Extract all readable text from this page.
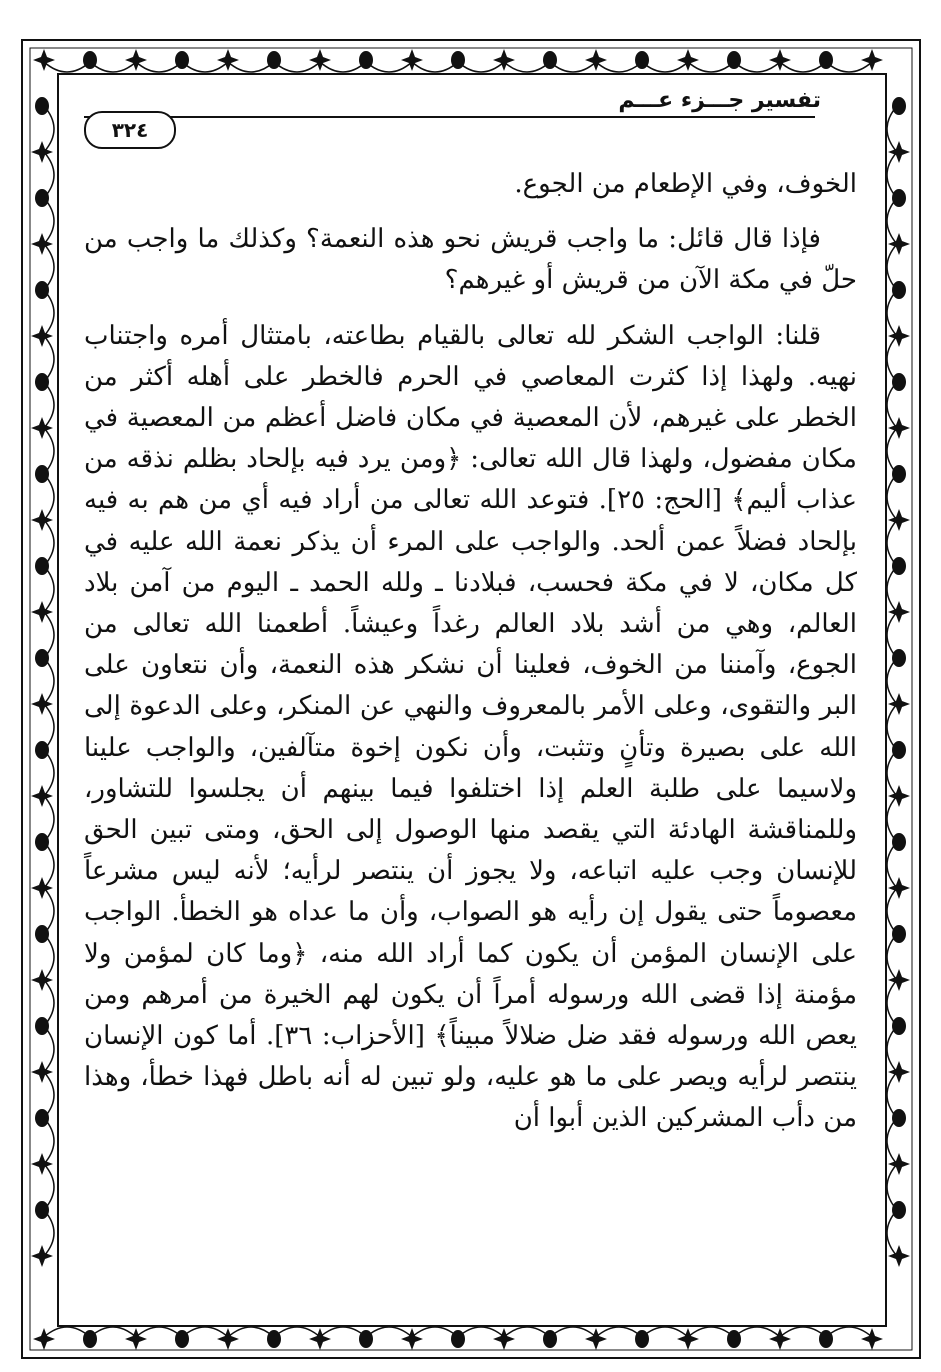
تفسير جـــزء عـــم
٣٢٤

الخوف، وفي الإطعام من الجوع.

فإذا قال قائل: ما واجب قريش نحو هذه النعمة؟ وكذلك ما واجب من حلّ في مكة الآن من قريش أو غيرهم؟

قلنا: الواجب الشكر لله تعالى بالقيام بطاعته، بامتثال أمره واجتناب نهيه. ولهذا إذا كثرت المعاصي في الحرم فالخطر على أهله أكثر من الخطر على غيرهم، لأن المعصية في مكان فاضل أعظم من المعصية في مكان مفضول، ولهذا قال الله تعالى: ﴿ومن يرد فيه بإلحاد بظلم نذقه من عذاب أليم﴾ [الحج: ٢٥]. فتوعد الله تعالى من أراد فيه أي من هم به فيه بإلحاد فضلاً عمن ألحد. والواجب على المرء أن يذكر نعمة الله عليه في كل مكان، لا في مكة فحسب، فبلادنا ـ ولله الحمد ـ اليوم من آمن بلاد العالم، وهي من أشد بلاد العالم رغداً وعيشاً. أطعمنا الله تعالى من الجوع، وآمننا من الخوف، فعلينا أن نشكر هذه النعمة، وأن نتعاون على البر والتقوى، وعلى الأمر بالمعروف والنهي عن المنكر، وعلى الدعوة إلى الله على بصيرة وتأنٍ وتثبت، وأن نكون إخوة متآلفين، والواجب علينا ولاسيما على طلبة العلم إذا اختلفوا فيما بينهم أن يجلسوا للتشاور، وللمناقشة الهادئة التي يقصد منها الوصول إلى الحق، ومتى تبين الحق للإنسان وجب عليه اتباعه، ولا يجوز أن ينتصر لرأيه؛ لأنه ليس مشرعاً معصوماً حتى يقول إن رأيه هو الصواب، وأن ما عداه هو الخطأ. الواجب على الإنسان المؤمن أن يكون كما أراد الله منه، ﴿وما كان لمؤمن ولا مؤمنة إذا قضى الله ورسوله أمراً أن يكون لهم الخيرة من أمرهم ومن يعص الله ورسوله فقد ضل ضلالاً مبيناً﴾ [الأحزاب: ٣٦]. أما كون الإنسان ينتصر لرأيه ويصر على ما هو عليه، ولو تبين له أنه باطل فهذا خطأ، وهذا من دأب المشركين الذين أبوا أن
